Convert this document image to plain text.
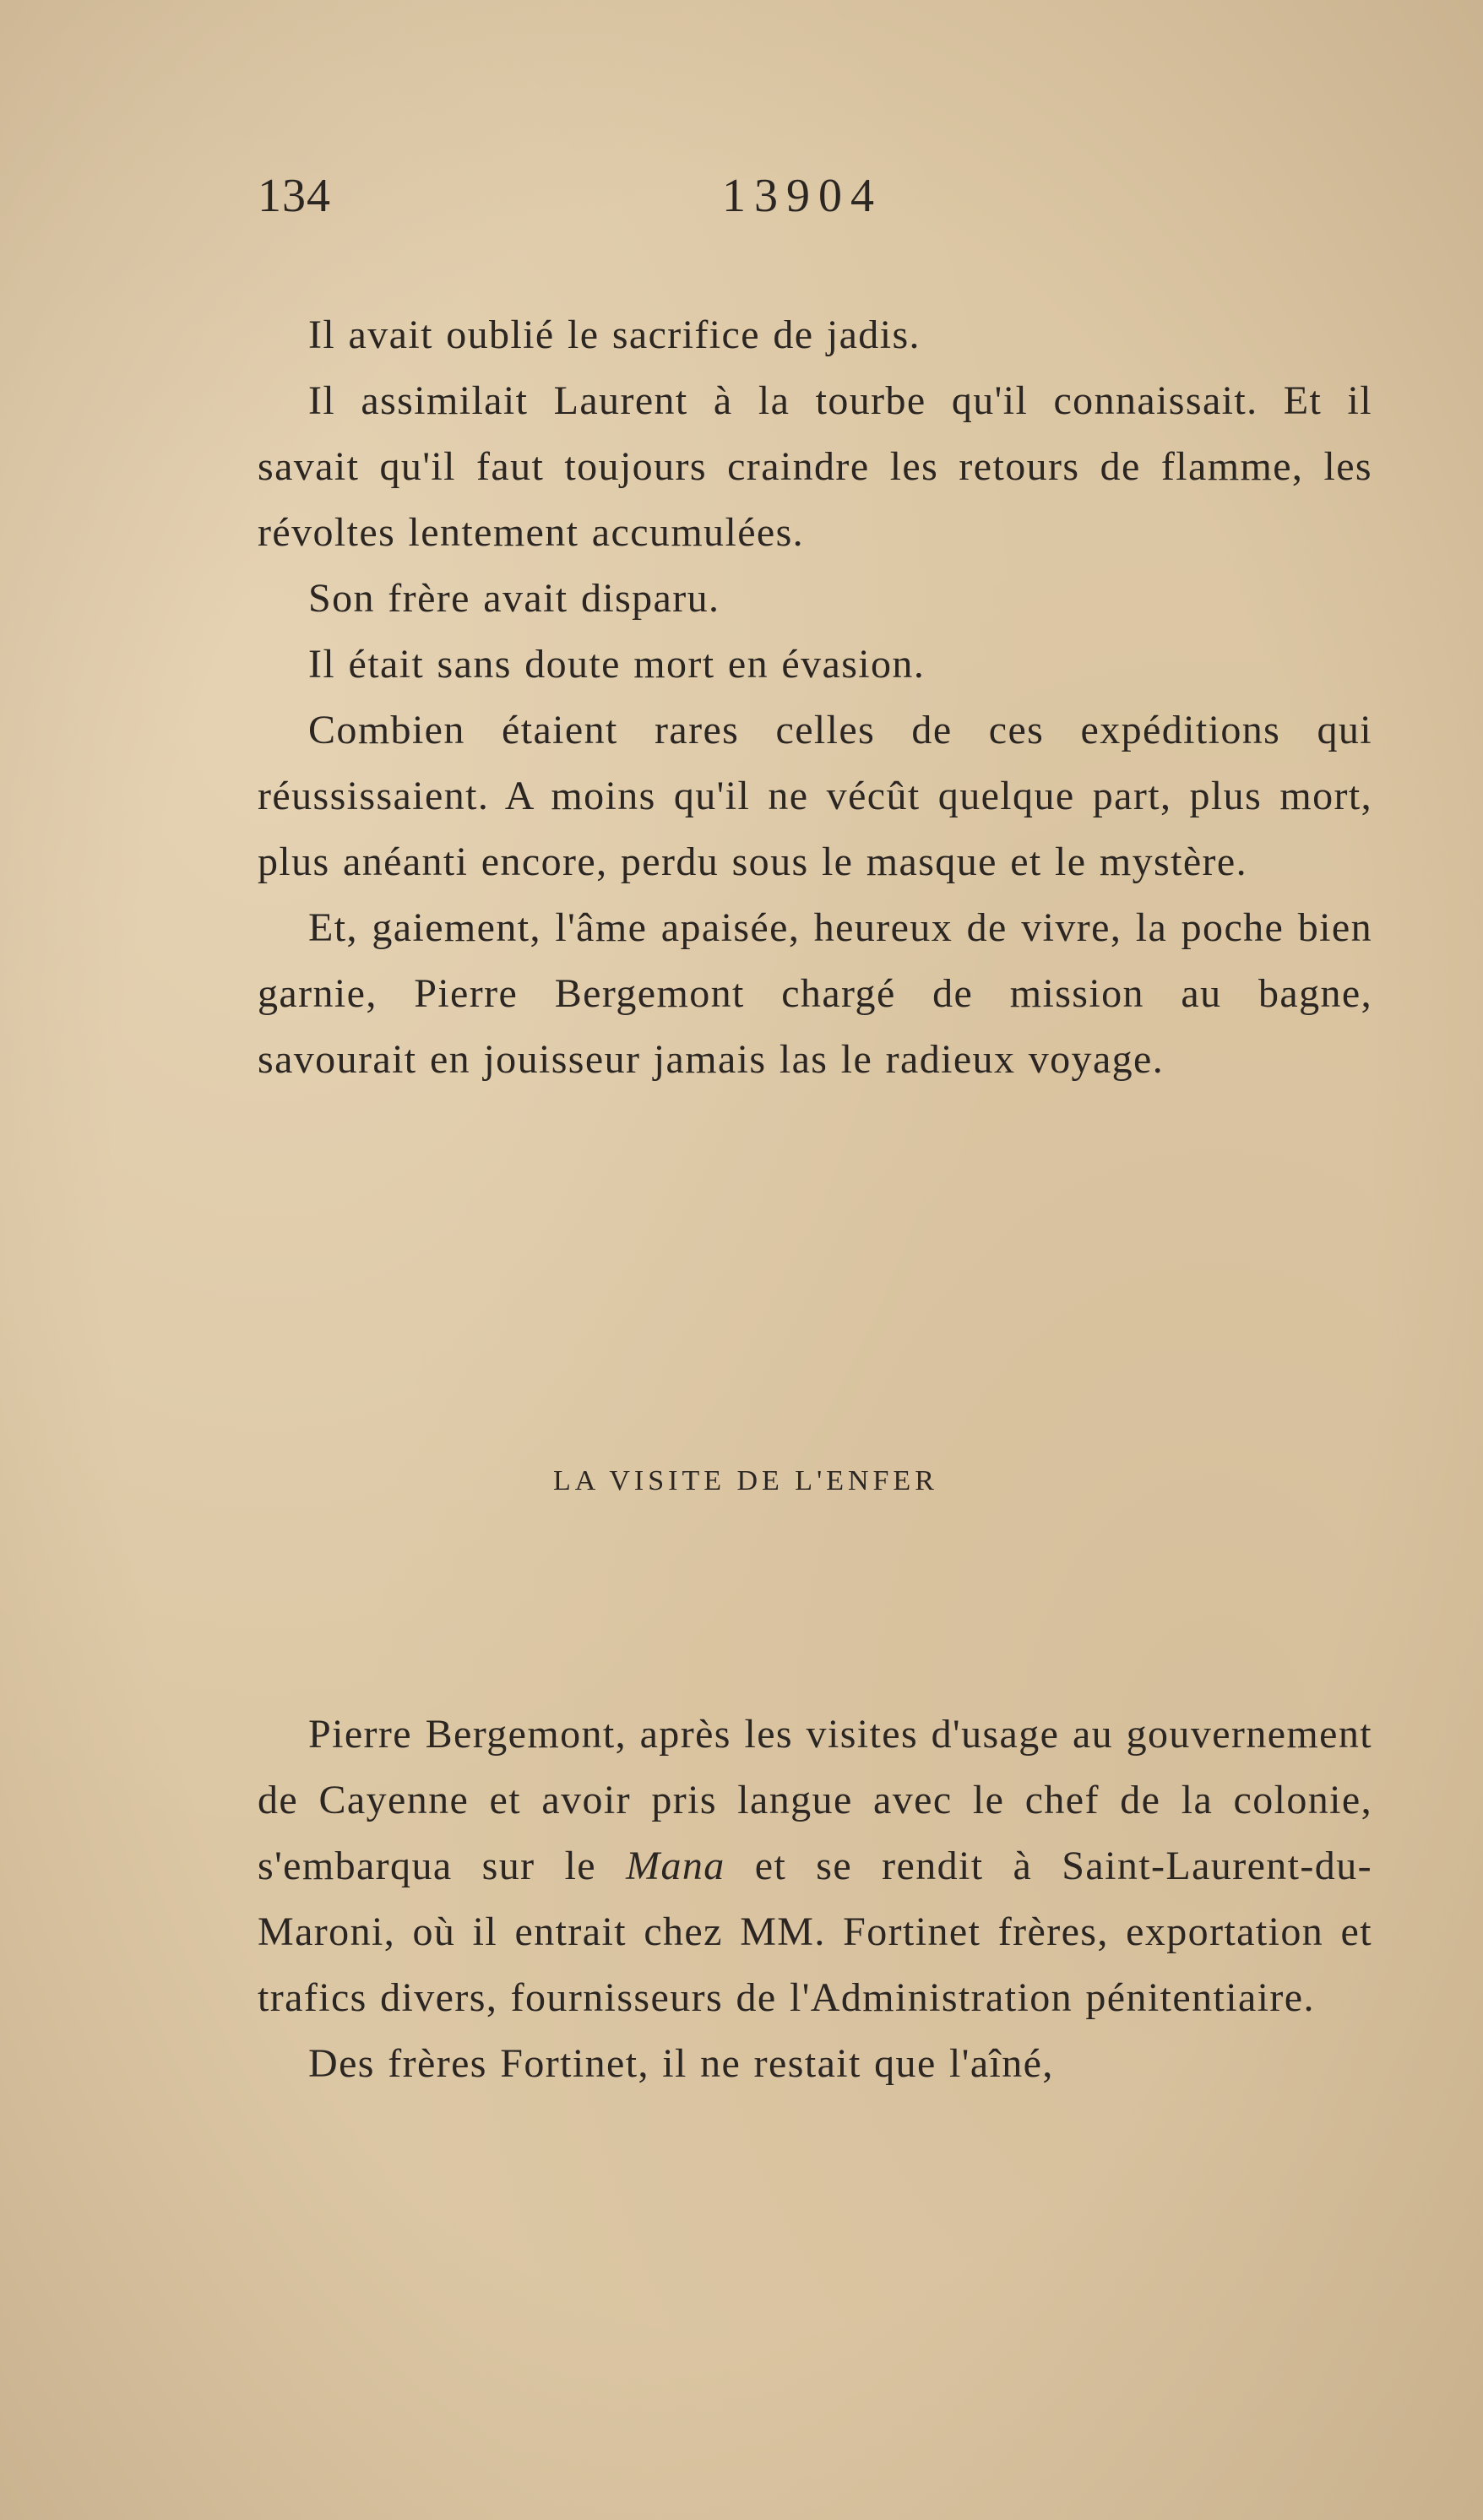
134	13904

Il avait oublié le sacrifice de jadis.

Il assimilait Laurent à la tourbe qu'il connaissait. Et il savait qu'il faut toujours craindre les retours de flamme, les révoltes lentement accumulées.

Son frère avait disparu.

Il était sans doute mort en évasion.

Combien étaient rares celles de ces expéditions qui réussissaient. A moins qu'il ne vécût quelque part, plus mort, plus anéanti encore, perdu sous le masque et le mystère.

Et, gaiement, l'âme apaisée, heureux de vivre, la poche bien garnie, Pierre Bergemont chargé de mission au bagne, savourait en jouisseur jamais las le radieux voyage.

LA VISITE DE L'ENFER

Pierre Bergemont, après les visites d'usage au gouvernement de Cayenne et avoir pris langue avec le chef de la colonie, s'embarqua sur le Mana et se rendit à Saint-Laurent-du-Maroni, où il entrait chez MM. Fortinet frères, exportation et trafics divers, fournisseurs de l'Administration pénitentiaire.

Des frères Fortinet, il ne restait que l'aîné,
